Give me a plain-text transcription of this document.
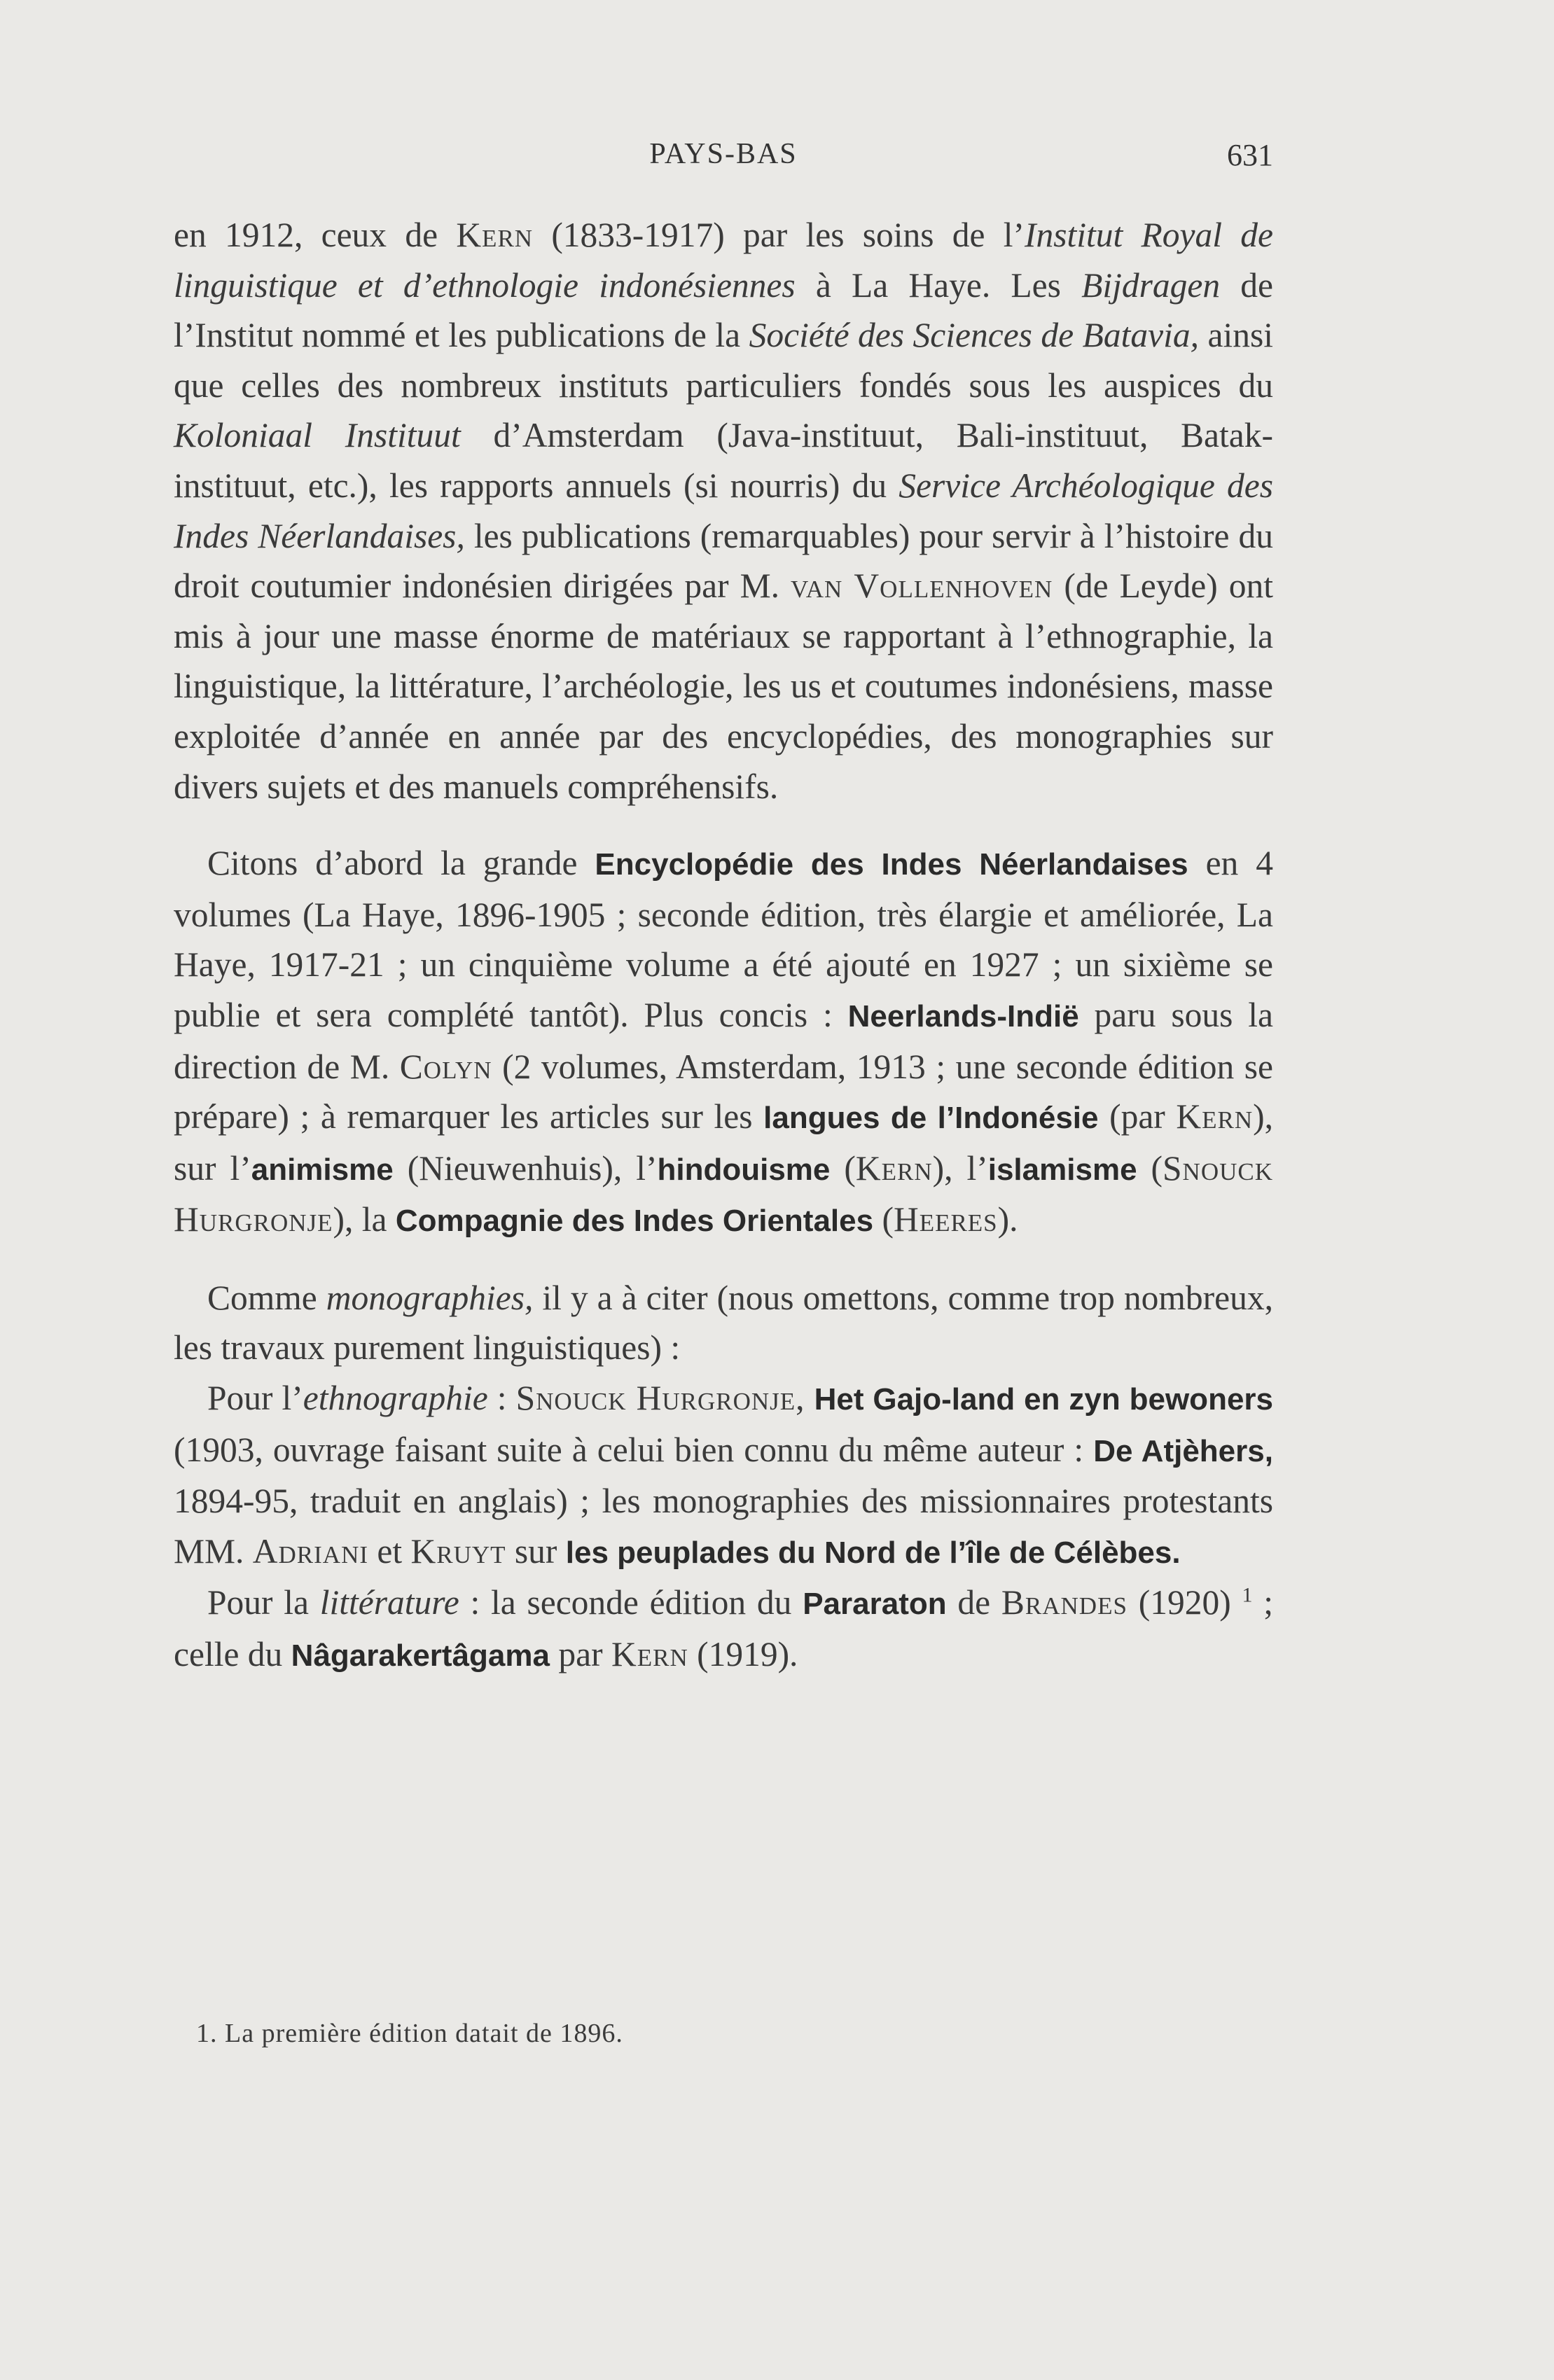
PAYS-BAS	631

en 1912, ceux de Kern (1833-1917) par les soins de l’Institut Royal de linguistique et d’ethnologie indonésiennes à La Haye. Les Bijdragen de l’Institut nommé et les publications de la Société des Sciences de Batavia, ainsi que celles des nombreux instituts particuliers fondés sous les auspices du Koloniaal Instituut d’Amsterdam (Java-instituut, Bali-instituut, Batak-instituut, etc.), les rapports annuels (si nourris) du Service Archéologique des Indes Néerlandaises, les publications (remarquables) pour servir à l’histoire du droit coutumier indonésien dirigées par M. van Vollenhoven (de Leyde) ont mis à jour une masse énorme de matériaux se rapportant à l’ethnographie, la linguistique, la littérature, l’archéologie, les us et coutumes indonésiens, masse exploitée d’année en année par des encyclopédies, des monographies sur divers sujets et des manuels compréhensifs.

Citons d’abord la grande Encyclopédie des Indes Néerlandaises en 4 volumes (La Haye, 1896-1905 ; seconde édition, très élargie et améliorée, La Haye, 1917-21 ; un cinquième volume a été ajouté en 1927 ; un sixième se publie et sera complété tantôt). Plus concis : Neerlands-Indië paru sous la direction de M. Colyn (2 volumes, Amsterdam, 1913 ; une seconde édition se prépare) ; à remarquer les articles sur les langues de l’Indonésie (par Kern), sur l’animisme (Nieuwenhuis), l’hindouisme (Kern), l’islamisme (Snouck Hurgronje), la Compagnie des Indes Orientales (Heeres).

Comme monographies, il y a à citer (nous omettons, comme trop nombreux, les travaux purement linguistiques) :

Pour l’ethnographie : Snouck Hurgronje, Het Gajo-land en zyn bewoners (1903, ouvrage faisant suite à celui bien connu du même auteur : De Atjèhers, 1894-95, traduit en anglais) ; les monographies des missionnaires protestants MM. Adriani et Kruyt sur les peuplades du Nord de l’île de Célèbes.

Pour la littérature : la seconde édition du Pararaton de Brandes (1920) $^1$ ; celle du Nâgarakertâgama par Kern (1919).

1. La première édition datait de 1896.
